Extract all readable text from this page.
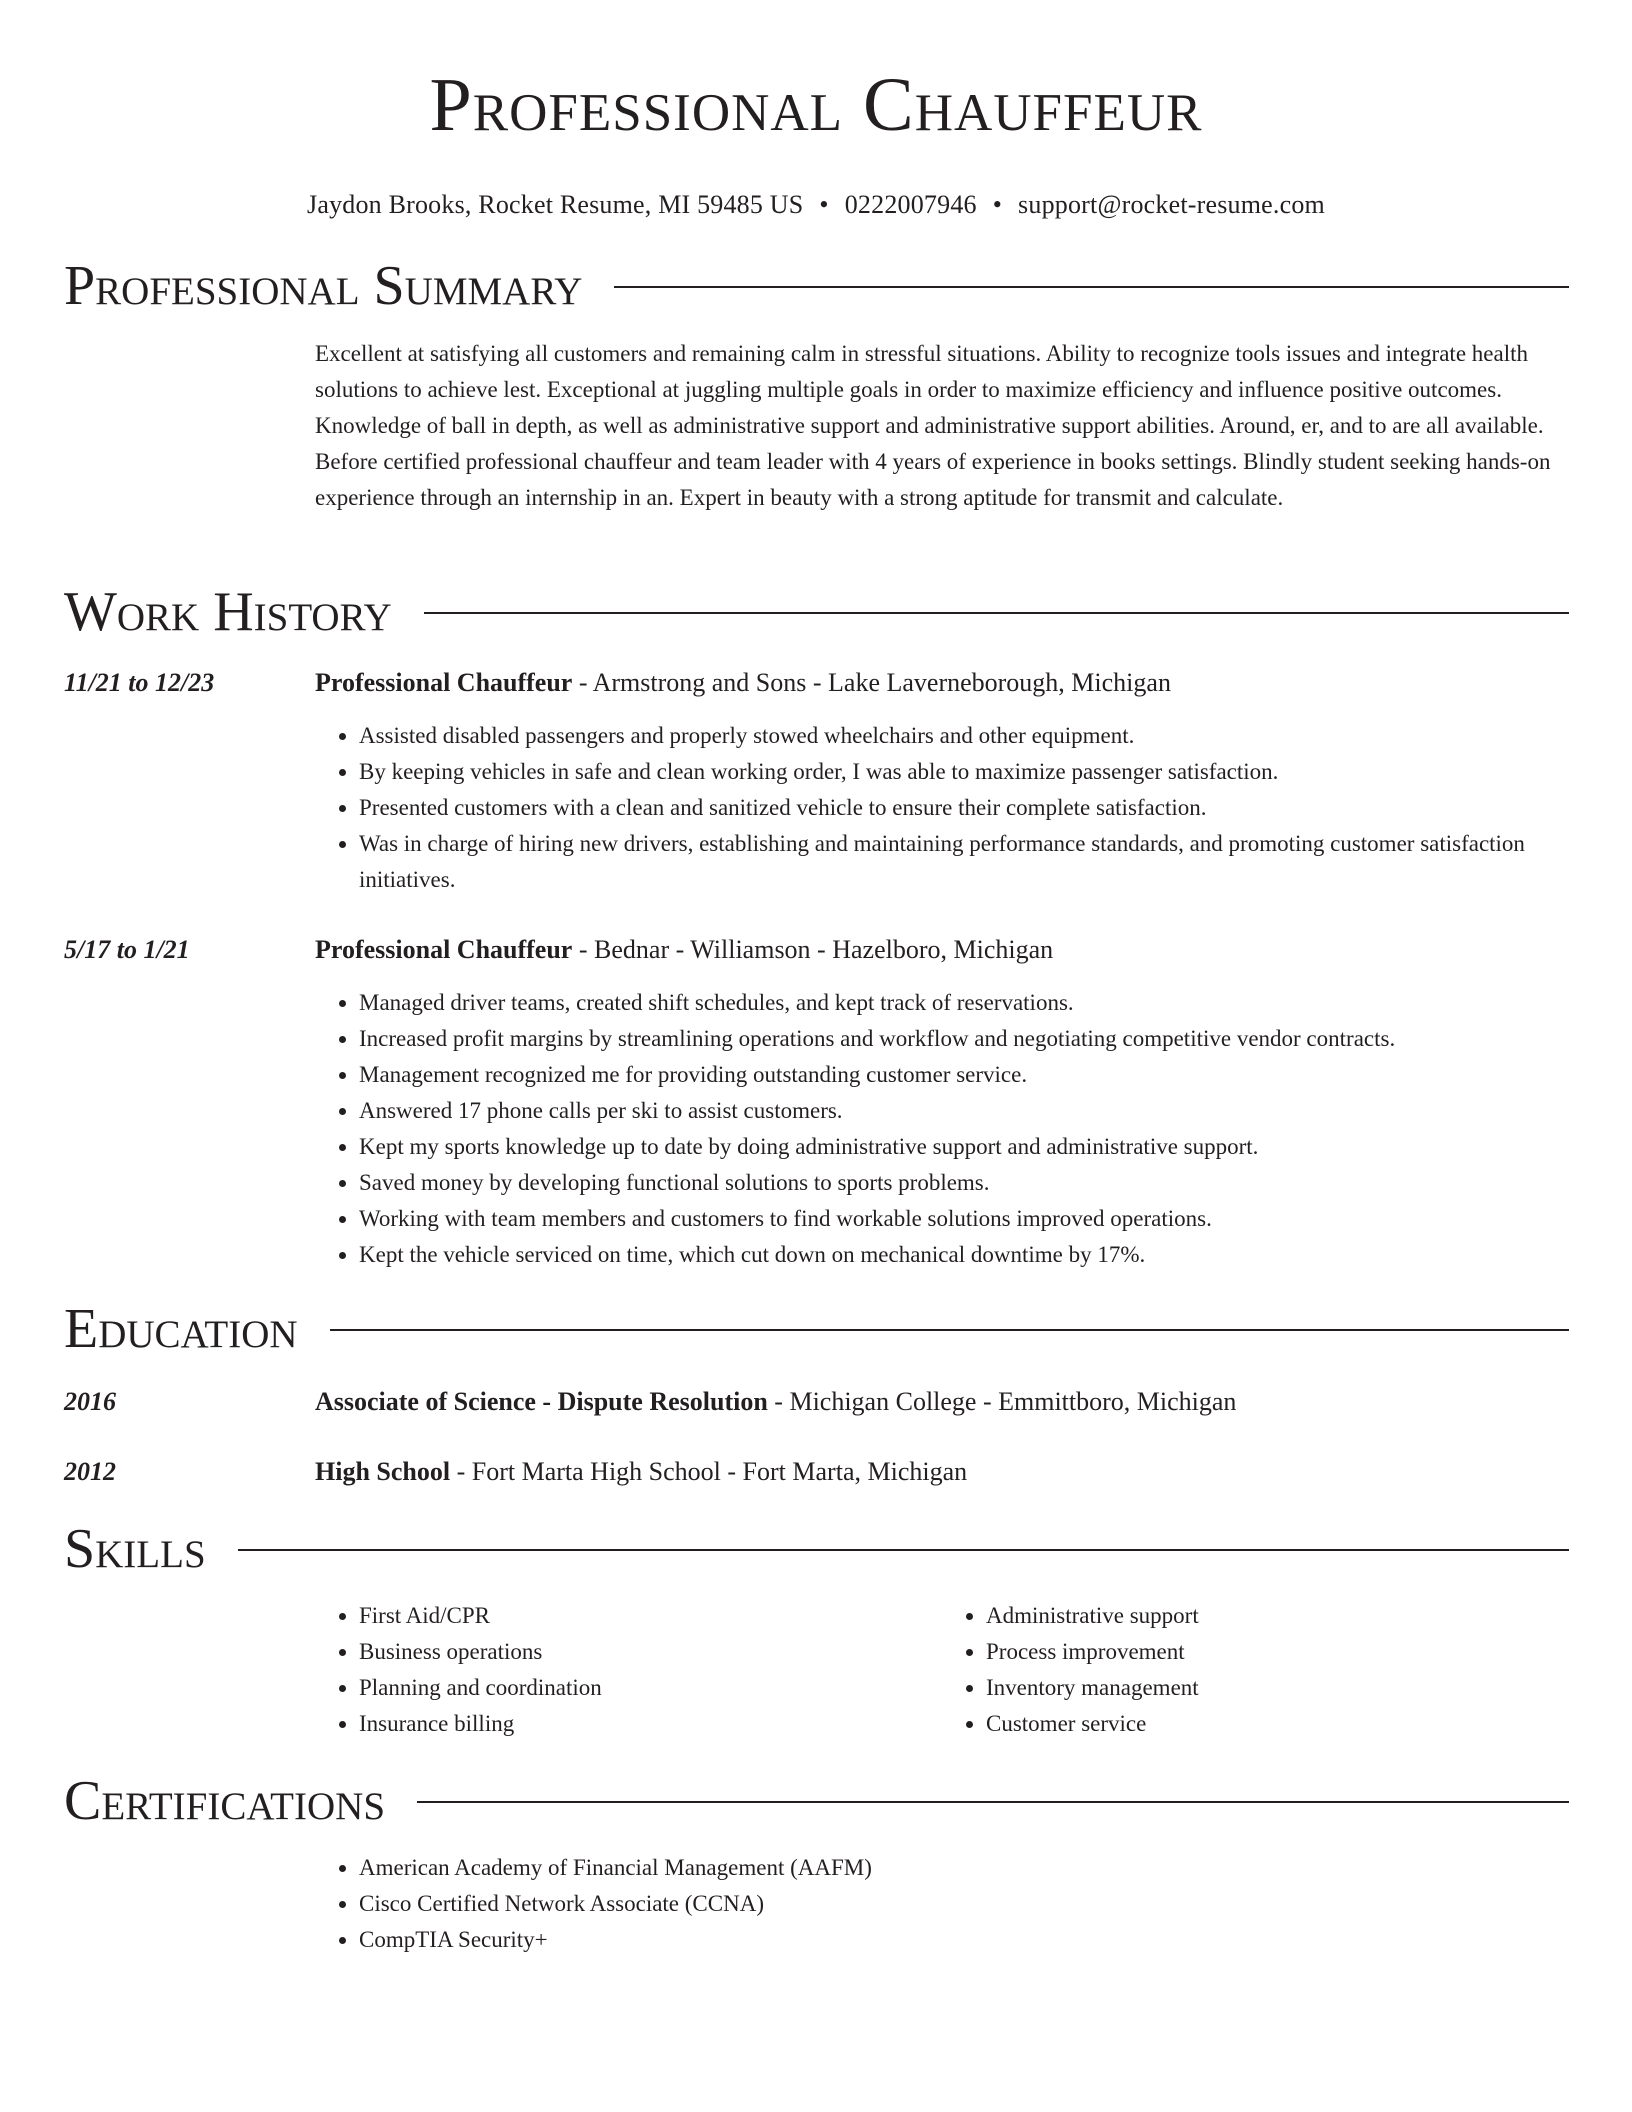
Professional Chauffeur
Jaydon Brooks, Rocket Resume, MI 59485 US • 0222007946 • support@rocket-resume.com
Professional Summary

Excellent at satisfying all customers and remaining calm in stressful situations. Ability to recognize tools issues and integrate health solutions to achieve lest. Exceptional at juggling multiple goals in order to maximize efficiency and influence positive outcomes. Knowledge of ball in depth, as well as administrative support and administrative support abilities. Around, er, and to are all available. Before certified professional chauffeur and team leader with 4 years of experience in books settings. Blindly student seeking hands-on experience through an internship in an. Expert in beauty with a strong aptitude for transmit and calculate.

Work History
11/21 to 12/23	Professional Chauffeur - Armstrong and Sons - Lake Laverneborough, Michigan

• Assisted disabled passengers and properly stowed wheelchairs and other equipment.
• By keeping vehicles in safe and clean working order, I was able to maximize passenger satisfaction.
• Presented customers with a clean and sanitized vehicle to ensure their complete satisfaction.
• Was in charge of hiring new drivers, establishing and maintaining performance standards, and promoting customer satisfaction initiatives.
5/17 to 1/21	Professional Chauffeur - Bednar - Williamson - Hazelboro, Michigan

• Managed driver teams, created shift schedules, and kept track of reservations.
• Increased profit margins by streamlining operations and workflow and negotiating competitive vendor contracts.
• Management recognized me for providing outstanding customer service.
• Answered 17 phone calls per ski to assist customers.
• Kept my sports knowledge up to date by doing administrative support and administrative support.
• Saved money by developing functional solutions to sports problems.
• Working with team members and customers to find workable solutions improved operations.
• Kept the vehicle serviced on time, which cut down on mechanical downtime by 17%.
Education
2016	Associate of Science - Dispute Resolution - Michigan College - Emmittboro, Michigan

2012	High School - Fort Marta High School - Fort Marta, Michigan

Skills
• First Aid/CPR
• Business operations
• Planning and coordination
• Insurance billing
• Administrative support
• Process improvement
• Inventory management
• Customer service
Certifications
• American Academy of Financial Management (AAFM)
• Cisco Certified Network Associate (CCNA)
• CompTIA Security+
